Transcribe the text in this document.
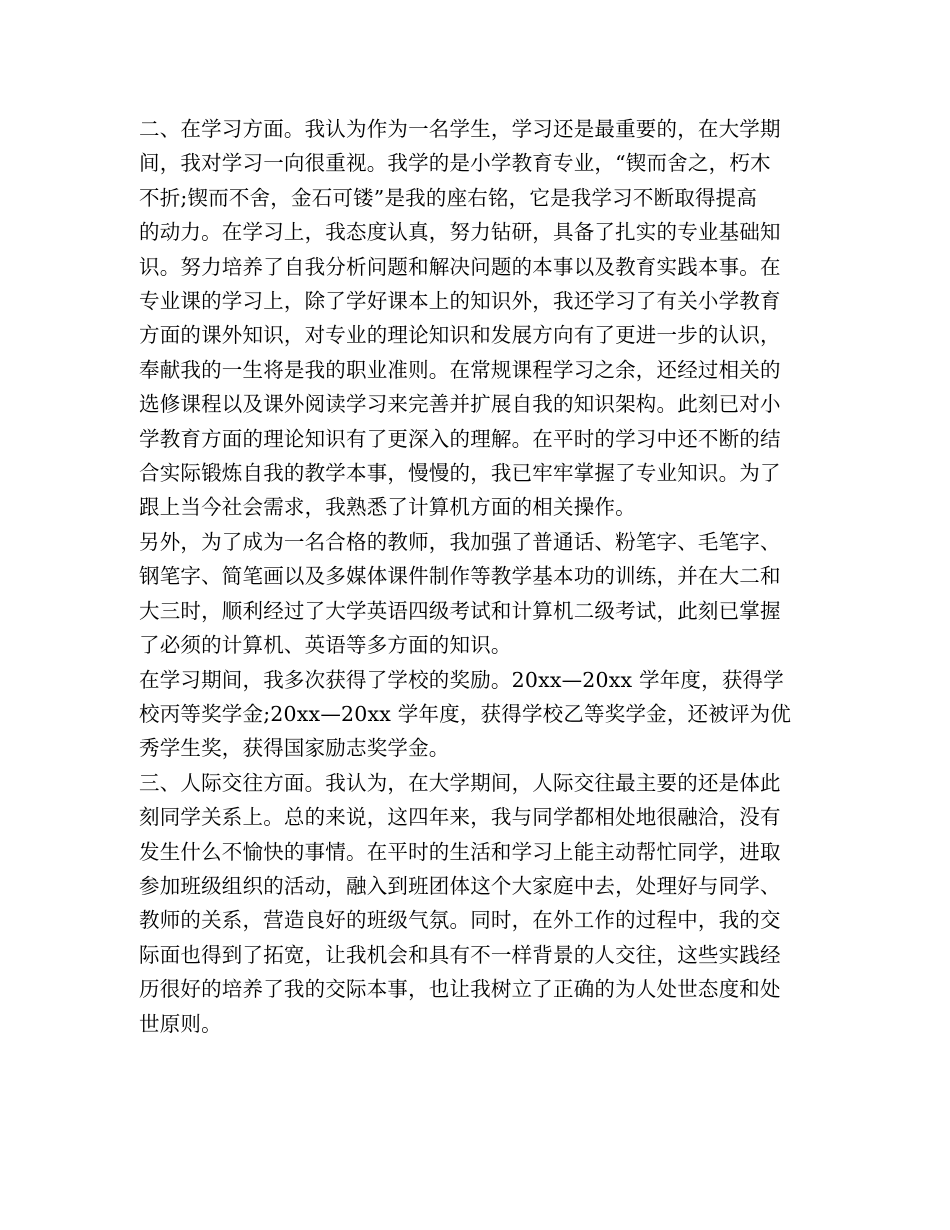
二、在学习方面。我认为作为一名学生，学习还是最重要的，在大学期
间，我对学习一向很重视。我学的是小学教育专业，“锲而舍之，朽木
不折;锲而不舍，金石可镂”是我的座右铭，它是我学习不断取得提高
的动力。在学习上，我态度认真，努力钻研，具备了扎实的专业基础知
识。努力培养了自我分析问题和解决问题的本事以及教育实践本事。在
专业课的学习上，除了学好课本上的知识外，我还学习了有关小学教育
方面的课外知识，对专业的理论知识和发展方向有了更进一步的认识，
奉献我的一生将是我的职业准则。在常规课程学习之余，还经过相关的
选修课程以及课外阅读学习来完善并扩展自我的知识架构。此刻已对小
学教育方面的理论知识有了更深入的理解。在平时的学习中还不断的结
合实际锻炼自我的教学本事，慢慢的，我已牢牢掌握了专业知识。为了
跟上当今社会需求，我熟悉了计算机方面的相关操作。
另外，为了成为一名合格的教师，我加强了普通话、粉笔字、毛笔字、
钢笔字、简笔画以及多媒体课件制作等教学基本功的训练，并在大二和
大三时，顺利经过了大学英语四级考试和计算机二级考试，此刻已掌握
了必须的计算机、英语等多方面的知识。
在学习期间，我多次获得了学校的奖励。20xx—20xx 学年度，获得学
校丙等奖学金;20xx—20xx 学年度，获得学校乙等奖学金，还被评为优
秀学生奖，获得国家励志奖学金。
三、人际交往方面。我认为，在大学期间，人际交往最主要的还是体此
刻同学关系上。总的来说，这四年来，我与同学都相处地很融洽，没有
发生什么不愉快的事情。在平时的生活和学习上能主动帮忙同学，进取
参加班级组织的活动，融入到班团体这个大家庭中去，处理好与同学、
教师的关系，营造良好的班级气氛。同时，在外工作的过程中，我的交
际面也得到了拓宽，让我机会和具有不一样背景的人交往，这些实践经
历很好的培养了我的交际本事，也让我树立了正确的为人处世态度和处
世原则。
